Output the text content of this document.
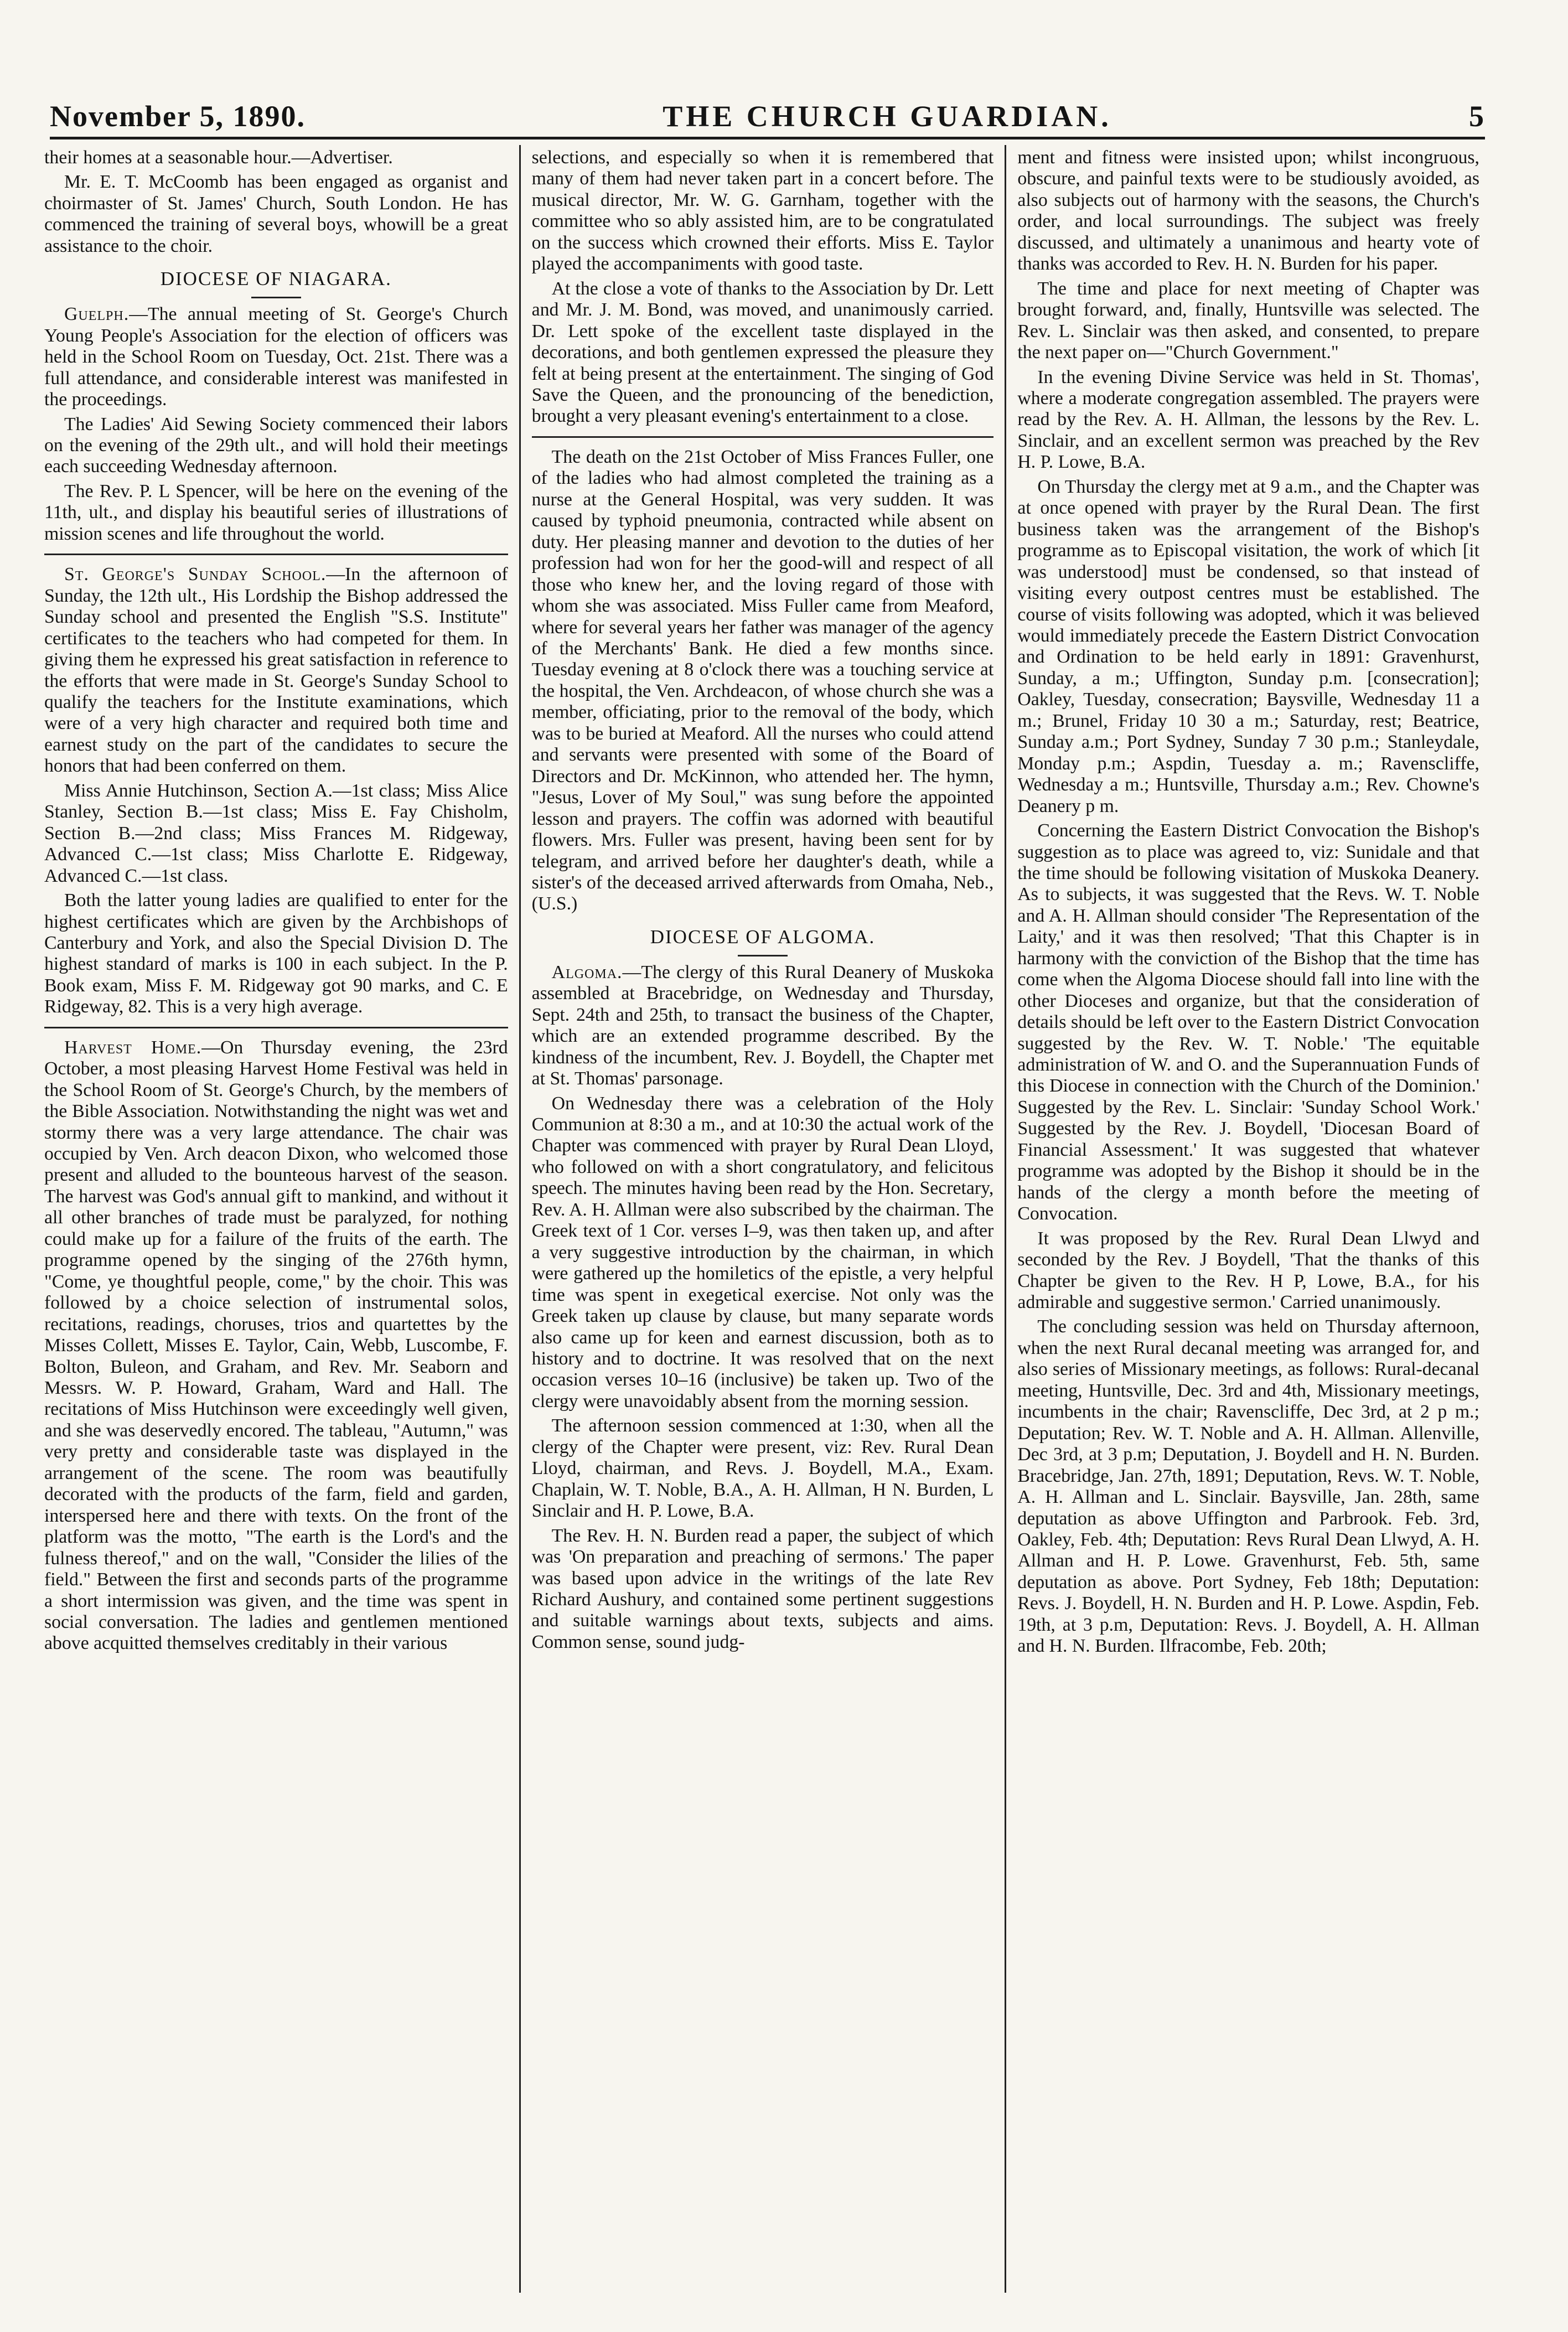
November 5, 1890.	THE CHURCH GUARDIAN.	5

their homes at a seasonable hour.—Advertiser.

Mr. E. T. McCoomb has been engaged as organist and choirmaster of St. James' Church, South London. He has commenced the training of several boys, whowill be a great assistance to the choir.

DIOCESE OF NIAGARA.

Guelph.—The annual meeting of St. George's Church Young People's Association for the election of officers was held in the School Room on Tuesday, Oct. 21st. There was a full attendance, and considerable interest was manifested in the proceedings.

The Ladies' Aid Sewing Society commenced their labors on the evening of the 29th ult., and will hold their meetings each succeeding Wednesday afternoon.

The Rev. P. L Spencer, will be here on the evening of the 11th, ult., and display his beautiful series of illustrations of mission scenes and life throughout the world.

St. George's Sunday School.—In the afternoon of Sunday, the 12th ult., His Lordship the Bishop addressed the Sunday school and presented the English "S.S. Institute" certificates to the teachers who had competed for them. In giving them he expressed his great satisfaction in reference to the efforts that were made in St. George's Sunday School to qualify the teachers for the Institute examinations, which were of a very high character and required both time and earnest study on the part of the candidates to secure the honors that had been conferred on them.

Miss Annie Hutchinson, Section A.—1st class; Miss Alice Stanley, Section B.—1st class; Miss E. Fay Chisholm, Section B.—2nd class; Miss Frances M. Ridgeway, Advanced C.—1st class; Miss Charlotte E. Ridgeway, Advanced C.—1st class.

Both the latter young ladies are qualified to enter for the highest certificates which are given by the Archbishops of Canterbury and York, and also the Special Division D. The highest standard of marks is 100 in each subject. In the P. Book exam, Miss F. M. Ridgeway got 90 marks, and C. E Ridgeway, 82. This is a very high average.

Harvest Home.—On Thursday evening, the 23rd October, a most pleasing Harvest Home Festival was held in the School Room of St. George's Church, by the members of the Bible Association. Notwithstanding the night was wet and stormy there was a very large attendance. The chair was occupied by Ven. Arch deacon Dixon, who welcomed those present and alluded to the bounteous harvest of the season. The harvest was God's annual gift to mankind, and without it all other branches of trade must be paralyzed, for nothing could make up for a failure of the fruits of the earth. The programme opened by the singing of the 276th hymn, "Come, ye thoughtful people, come," by the choir. This was followed by a choice selection of instrumental solos, recitations, readings, choruses, trios and quartettes by the Misses Collett, Misses E. Taylor, Cain, Webb, Luscombe, F. Bolton, Buleon, and Graham, and Rev. Mr. Seaborn and Messrs. W. P. Howard, Graham, Ward and Hall. The recitations of Miss Hutchinson were exceedingly well given, and she was deservedly encored. The tableau, "Autumn," was very pretty and considerable taste was displayed in the arrangement of the scene. The room was beautifully decorated with the products of the farm, field and garden, interspersed here and there with texts. On the front of the platform was the motto, "The earth is the Lord's and the fulness thereof," and on the wall, "Consider the lilies of the field." Between the first and seconds parts of the programme a short intermission was given, and the time was spent in social conversation. The ladies and gentlemen mentioned above acquitted themselves creditably in their various

selections, and especially so when it is remembered that many of them had never taken part in a concert before. The musical director, Mr. W. G. Garnham, together with the committee who so ably assisted him, are to be congratulated on the success which crowned their efforts. Miss E. Taylor played the accompaniments with good taste.

At the close a vote of thanks to the Association by Dr. Lett and Mr. J. M. Bond, was moved, and unanimously carried. Dr. Lett spoke of the excellent taste displayed in the decorations, and both gentlemen expressed the pleasure they felt at being present at the entertainment. The singing of God Save the Queen, and the pronouncing of the benediction, brought a very pleasant evening's entertainment to a close.

The death on the 21st October of Miss Frances Fuller, one of the ladies who had almost completed the training as a nurse at the General Hospital, was very sudden. It was caused by typhoid pneumonia, contracted while absent on duty. Her pleasing manner and devotion to the duties of her profession had won for her the good-will and respect of all those who knew her, and the loving regard of those with whom she was associated. Miss Fuller came from Meaford, where for several years her father was manager of the agency of the Merchants' Bank. He died a few months since. Tuesday evening at 8 o'clock there was a touching service at the hospital, the Ven. Archdeacon, of whose church she was a member, officiating, prior to the removal of the body, which was to be buried at Meaford. All the nurses who could attend and servants were presented with some of the Board of Directors and Dr. McKinnon, who attended her. The hymn, "Jesus, Lover of My Soul," was sung before the appointed lesson and prayers. The coffin was adorned with beautiful flowers. Mrs. Fuller was present, having been sent for by telegram, and arrived before her daughter's death, while a sister's of the deceased arrived afterwards from Omaha, Neb., (U.S.)

DIOCESE OF ALGOMA.

Algoma.—The clergy of this Rural Deanery of Muskoka assembled at Bracebridge, on Wednesday and Thursday, Sept. 24th and 25th, to transact the business of the Chapter, which are an extended programme described. By the kindness of the incumbent, Rev. J. Boydell, the Chapter met at St. Thomas' parsonage.

On Wednesday there was a celebration of the Holy Communion at 8:30 a m., and at 10:30 the actual work of the Chapter was commenced with prayer by Rural Dean Lloyd, who followed on with a short congratulatory, and felicitous speech. The minutes having been read by the Hon. Secretary, Rev. A. H. Allman were also subscribed by the chairman. The Greek text of 1 Cor. verses I–9, was then taken up, and after a very suggestive introduction by the chairman, in which were gathered up the homiletics of the epistle, a very helpful time was spent in exegetical exercise. Not only was the Greek taken up clause by clause, but many separate words also came up for keen and earnest discussion, both as to history and to doctrine. It was resolved that on the next occasion verses 10–16 (inclusive) be taken up. Two of the clergy were unavoidably absent from the morning session.

The afternoon session commenced at 1:30, when all the clergy of the Chapter were present, viz: Rev. Rural Dean Lloyd, chairman, and Revs. J. Boydell, M.A., Exam. Chaplain, W. T. Noble, B.A., A. H. Allman, H N. Burden, L Sinclair and H. P. Lowe, B.A.

The Rev. H. N. Burden read a paper, the subject of which was 'On preparation and preaching of sermons.' The paper was based upon advice in the writings of the late Rev Richard Aushury, and contained some pertinent suggestions and suitable warnings about texts, subjects and aims. Common sense, sound judg-

ment and fitness were insisted upon; whilst incongruous, obscure, and painful texts were to be studiously avoided, as also subjects out of harmony with the seasons, the Church's order, and local surroundings. The subject was freely discussed, and ultimately a unanimous and hearty vote of thanks was accorded to Rev. H. N. Burden for his paper.

The time and place for next meeting of Chapter was brought forward, and, finally, Huntsville was selected. The Rev. L. Sinclair was then asked, and consented, to prepare the next paper on—"Church Government."

In the evening Divine Service was held in St. Thomas', where a moderate congregation assembled. The prayers were read by the Rev. A. H. Allman, the lessons by the Rev. L. Sinclair, and an excellent sermon was preached by the Rev H. P. Lowe, B.A.

On Thursday the clergy met at 9 a.m., and the Chapter was at once opened with prayer by the Rural Dean. The first business taken was the arrangement of the Bishop's programme as to Episcopal visitation, the work of which [it was understood] must be condensed, so that instead of visiting every outpost centres must be established. The course of visits following was adopted, which it was believed would immediately precede the Eastern District Convocation and Ordination to be held early in 1891: Gravenhurst, Sunday, a m.; Uffington, Sunday p.m. [consecration]; Oakley, Tuesday, consecration; Baysville, Wednesday 11 a m.; Brunel, Friday 10 30 a m.; Saturday, rest; Beatrice, Sunday a.m.; Port Sydney, Sunday 7 30 p.m.; Stanleydale, Monday p.m.; Aspdin, Tuesday a. m.; Ravenscliffe, Wednesday a m.; Huntsville, Thursday a.m.; Rev. Chowne's Deanery p m.

Concerning the Eastern District Convocation the Bishop's suggestion as to place was agreed to, viz: Sunidale and that the time should be following visitation of Muskoka Deanery. As to subjects, it was suggested that the Revs. W. T. Noble and A. H. Allman should consider 'The Representation of the Laity,' and it was then resolved; 'That this Chapter is in harmony with the conviction of the Bishop that the time has come when the Algoma Diocese should fall into line with the other Dioceses and organize, but that the consideration of details should be left over to the Eastern District Convocation suggested by the Rev. W. T. Noble.' 'The equitable administration of W. and O. and the Superannuation Funds of this Diocese in connection with the Church of the Dominion.' Suggested by the Rev. L. Sinclair: 'Sunday School Work.' Suggested by the Rev. J. Boydell, 'Diocesan Board of Financial Assessment.' It was suggested that whatever programme was adopted by the Bishop it should be in the hands of the clergy a month before the meeting of Convocation.

It was proposed by the Rev. Rural Dean Llwyd and seconded by the Rev. J Boydell, 'That the thanks of this Chapter be given to the Rev. H P, Lowe, B.A., for his admirable and suggestive sermon.' Carried unanimously.

The concluding session was held on Thursday afternoon, when the next Rural decanal meeting was arranged for, and also series of Missionary meetings, as follows: Rural-decanal meeting, Huntsville, Dec. 3rd and 4th, Missionary meetings, incumbents in the chair; Ravenscliffe, Dec 3rd, at 2 p m.; Deputation; Rev. W. T. Noble and A. H. Allman. Allenville, Dec 3rd, at 3 p.m; Deputation, J. Boydell and H. N. Burden. Bracebridge, Jan. 27th, 1891; Deputation, Revs. W. T. Noble, A. H. Allman and L. Sinclair. Baysville, Jan. 28th, same deputation as above Uffington and Parbrook. Feb. 3rd, Oakley, Feb. 4th; Deputation: Revs Rural Dean Llwyd, A. H. Allman and H. P. Lowe. Gravenhurst, Feb. 5th, same deputation as above. Port Sydney, Feb 18th; Deputation: Revs. J. Boydell, H. N. Burden and H. P. Lowe. Aspdin, Feb. 19th, at 3 p.m, Deputation: Revs. J. Boydell, A. H. Allman and H. N. Burden. Ilfracombe, Feb. 20th;
